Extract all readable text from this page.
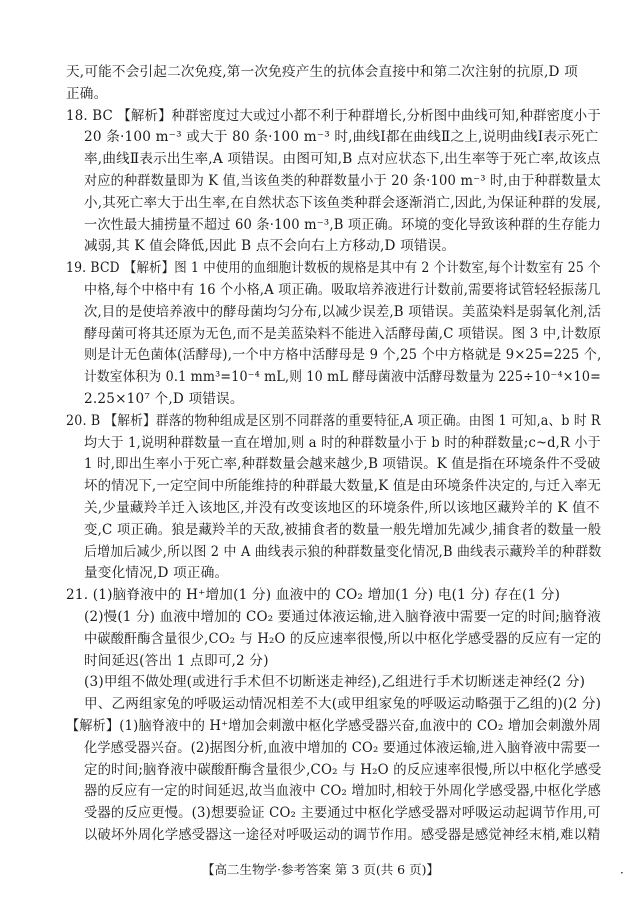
天,可能不会引起二次免疫,第一次免疫产生的抗体会直接中和第二次注射的抗原,D 项
正确。
18. BC 【解析】种群密度过大或过小都不利于种群增长,分析图中曲线可知,种群密度小于
20 条·100 m⁻³ 或大于 80 条·100 m⁻³ 时,曲线Ⅰ都在曲线Ⅱ之上,说明曲线Ⅰ表示死亡
率,曲线Ⅱ表示出生率,A 项错误。由图可知,B 点对应状态下,出生率等于死亡率,故该点
对应的种群数量即为 K 值,当该鱼类的种群数量小于 20 条·100 m⁻³ 时,由于种群数量太
小,其死亡率大于出生率,在自然状态下该鱼类种群会逐渐消亡,因此,为保证种群的发展,
一次性最大捕捞量不超过 60 条·100 m⁻³,B 项正确。环境的变化导致该种群的生存能力
减弱,其 K 值会降低,因此 B 点不会向右上方移动,D 项错误。
19. BCD 【解析】图 1 中使用的血细胞计数板的规格是其中有 2 个计数室,每个计数室有 25 个
中格,每个中格中有 16 个小格,A 项正确。吸取培养液进行计数前,需要将试管轻轻振荡几
次,目的是使培养液中的酵母菌均匀分布,以减少误差,B 项错误。美蓝染料是弱氧化剂,活
酵母菌可将其还原为无色,而不是美蓝染料不能进入活酵母菌,C 项错误。图 3 中,计数原
则是计无色菌体(活酵母),一个中方格中活酵母是 9 个,25 个中方格就是 9×25=225 个,
计数室体积为 0.1 mm³=10⁻⁴ mL,则 10 mL 酵母菌液中活酵母数量为 225÷10⁻⁴×10=
2.25×10⁷ 个,D 项错误。
20. B 【解析】群落的物种组成是区别不同群落的重要特征,A 项正确。由图 1 可知,a、b 时 R
均大于 1,说明种群数量一直在增加,则 a 时的种群数量小于 b 时的种群数量;c~d,R 小于
1 时,即出生率小于死亡率,种群数量会越来越少,B 项错误。K 值是指在环境条件不受破
坏的情况下,一定空间中所能维持的种群最大数量,K 值是由环境条件决定的,与迁入率无
关,少量藏羚羊迁入该地区,并没有改变该地区的环境条件,所以该地区藏羚羊的 K 值不
变,C 项正确。狼是藏羚羊的天敌,被捕食者的数量一般先增加先减少,捕食者的数量一般
后增加后减少,所以图 2 中 A 曲线表示狼的种群数量变化情况,B 曲线表示藏羚羊的种群数
量变化情况,D 项正确。
21. (1)脑脊液中的 H⁺增加(1 分) 血液中的 CO₂ 增加(1 分) 电(1 分) 存在(1 分)
(2)慢(1 分) 血液中增加的 CO₂ 要通过体液运输,进入脑脊液中需要一定的时间;脑脊液
中碳酸酐酶含量很少,CO₂ 与 H₂O 的反应速率很慢,所以中枢化学感受器的反应有一定的
时间延迟(答出 1 点即可,2 分)
(3)甲组不做处理(或进行手术但不切断迷走神经),乙组进行手术切断迷走神经(2 分)
甲、乙两组家兔的呼吸运动情况相差不大(或甲组家兔的呼吸运动略强于乙组的)(2 分)
【解析】(1)脑脊液中的 H⁺增加会刺激中枢化学感受器兴奋,血液中的 CO₂ 增加会刺激外周
化学感受器兴奋。(2)据图分析,血液中增加的 CO₂ 要通过体液运输,进入脑脊液中需要一
定的时间;脑脊液中碳酸酐酶含量很少,CO₂ 与 H₂O 的反应速率很慢,所以中枢化学感受
器的反应有一定的时间延迟,故当血液中 CO₂ 增加时,相较于外周化学感受器,中枢化学感
受器的反应更慢。(3)想要验证 CO₂ 主要通过中枢化学感受器对呼吸运动起调节作用,可
以破坏外周化学感受器这一途径对呼吸运动的调节作用。感受器是感觉神经末梢,难以精
【高二生物学·参考答案 第 3 页(共 6 页)】	·
